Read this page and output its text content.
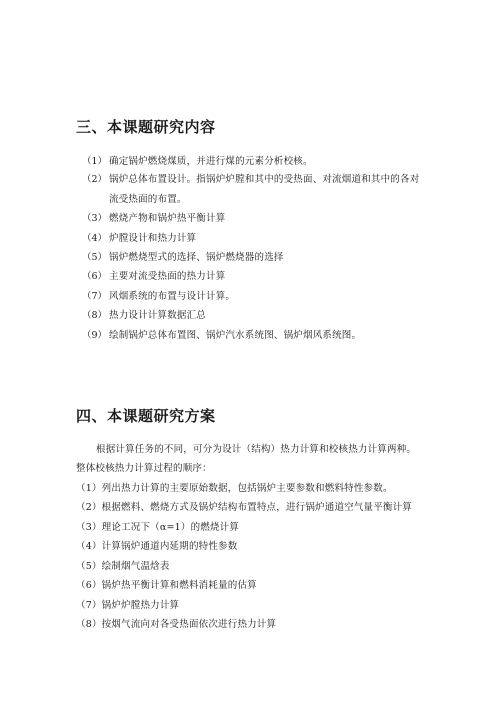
三、本课题研究内容
（1） 确定锅炉燃烧煤质，并进行煤的元素分析校核。
（2） 锅炉总体布置设计。指锅炉炉膛和其中的受热面、对流烟道和其中的各对
流受热面的布置。
（3） 燃烧产物和锅炉热平衡计算
（4） 炉膛设计和热力计算
（5） 锅炉燃烧型式的选择、锅炉燃烧器的选择
（6） 主要对流受热面的热力计算
（7） 风烟系统的布置与设计计算。
（8） 热力设计计算数据汇总
（9） 绘制锅炉总体布置图、锅炉汽水系统图、锅炉烟风系统图。
四、本课题研究方案
根据计算任务的不同，可分为设计（结构）热力计算和校核热力计算两种。
整体校核热力计算过程的顺序：
（1）列出热力计算的主要原始数据，包括锅炉主要参数和燃料特性参数。
（2）根据燃料、燃烧方式及锅炉结构布置特点，进行锅炉通道空气量平衡计算
（3）理论工况下（α=1）的燃烧计算
（4）计算锅炉通道内延期的特性参数
（5）绘制烟气温焓表
（6）锅炉热平衡计算和燃料消耗量的估算
（7）锅炉炉膛热力计算
（8）按烟气流向对各受热面依次进行热力计算
